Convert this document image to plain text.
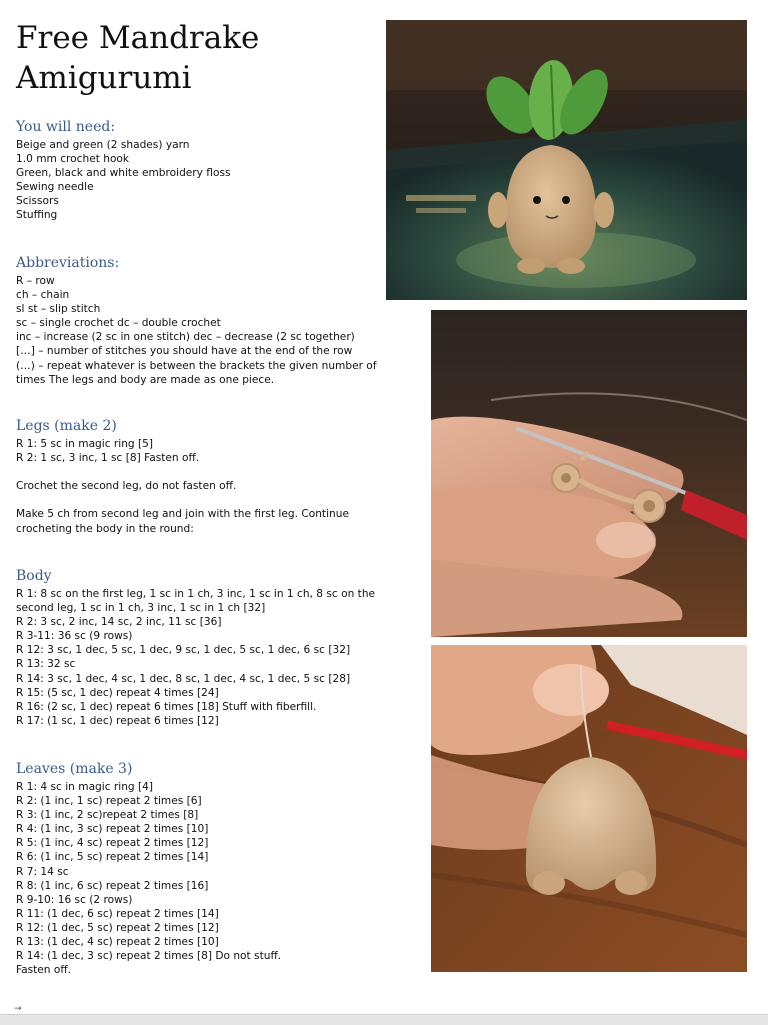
Free Mandrake
Amigurumi
You will need:
Beige and green (2 shades) yarn
1.0 mm crochet hook
Green, black and white embroidery floss
Sewing needle
Scissors
Stuffing
Abbreviations:
R – row
ch – chain
sl st – slip stitch
sc – single crochet dc – double crochet
inc – increase (2 sc in one stitch) dec – decrease (2 sc together)
[…] – number of stitches you should have at the end of the row
(…) – repeat whatever is between the brackets the given number of
times The legs and body are made as one piece.
Legs (make 2)
R 1: 5 sc in magic ring [5]
R 2: 1 sc, 3 inc, 1 sc [8] Fasten off.

Crochet the second leg, do not fasten off.

Make 5 ch from second leg and join with the first leg. Continue
crocheting the body in the round:
Body
R 1: 8 sc on the first leg, 1 sc in 1 ch, 3 inc, 1 sc in 1 ch, 8 sc on the
second leg, 1 sc in 1 ch, 3 inc, 1 sc in 1 ch [32]
R 2: 3 sc, 2 inc, 14 sc, 2 inc, 11 sc [36]
R 3-11: 36 sc (9 rows)
R 12: 3 sc, 1 dec, 5 sc, 1 dec, 9 sc, 1 dec, 5 sc, 1 dec, 6 sc [32]
R 13: 32 sc
R 14: 3 sc, 1 dec, 4 sc, 1 dec, 8 sc, 1 dec, 4 sc, 1 dec, 5 sc [28]
R 15: (5 sc, 1 dec) repeat 4 times [24]
R 16: (2 sc, 1 dec) repeat 6 times [18] Stuff with fiberfill.
R 17: (1 sc, 1 dec) repeat 6 times [12]
Leaves (make 3)
R 1: 4 sc in magic ring [4]
R 2: (1 inc, 1 sc) repeat 2 times [6]
R 3: (1 inc, 2 sc)repeat 2 times [8]
R 4: (1 inc, 3 sc) repeat 2 times [10]
R 5: (1 inc, 4 sc) repeat 2 times [12]
R 6: (1 inc, 5 sc) repeat 2 times [14]
R 7: 14 sc
R 8: (1 inc, 6 sc) repeat 2 times [16]
R 9-10: 16 sc (2 rows)
R 11: (1 dec, 6 sc) repeat 2 times [14]
R 12: (1 dec, 5 sc) repeat 2 times [12]
R 13: (1 dec, 4 sc) repeat 2 times [10]
R 14: (1 dec, 3 sc) repeat 2 times [8] Do not stuff.
Fasten off.
→
